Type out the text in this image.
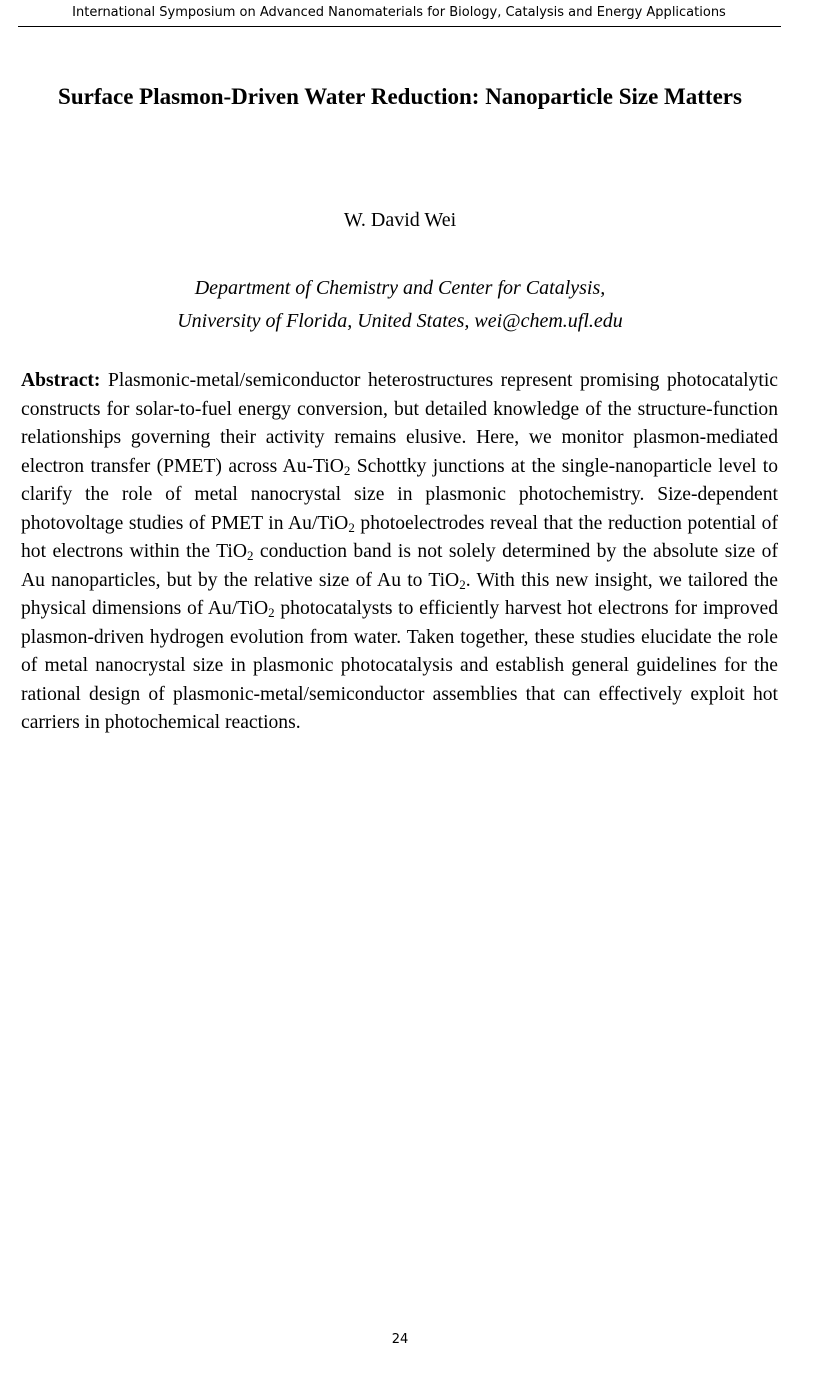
International Symposium on Advanced Nanomaterials for Biology, Catalysis and Energy Applications
Surface Plasmon-Driven Water Reduction: Nanoparticle Size Matters
W. David Wei
Department of Chemistry and Center for Catalysis,
University of Florida, United States, wei@chem.ufl.edu

Abstract: Plasmonic-metal/semiconductor heterostructures represent promising photocatalytic constructs for solar-to-fuel energy conversion, but detailed knowledge of the structure-function relationships governing their activity remains elusive. Here, we monitor plasmon-mediated electron transfer (PMET) across Au-TiO$_2$ Schottky junctions at the single-nanoparticle level to clarify the role of metal nanocrystal size in plasmonic photochemistry. Size-dependent photovoltage studies of PMET in Au/TiO$_2$ photoelectrodes reveal that the reduction potential of hot electrons within the TiO$_2$ conduction band is not solely determined by the absolute size of Au nanoparticles, but by the relative size of Au to TiO$_2$. With this new insight, we tailored the physical dimensions of Au/TiO$_2$ photocatalysts to efficiently harvest hot electrons for improved plasmon-driven hydrogen evolution from water. Taken together, these studies elucidate the role of metal nanocrystal size in plasmonic photocatalysis and establish general guidelines for the rational design of plasmonic-metal/semiconductor assemblies that can effectively exploit hot carriers in photochemical reactions.

24
